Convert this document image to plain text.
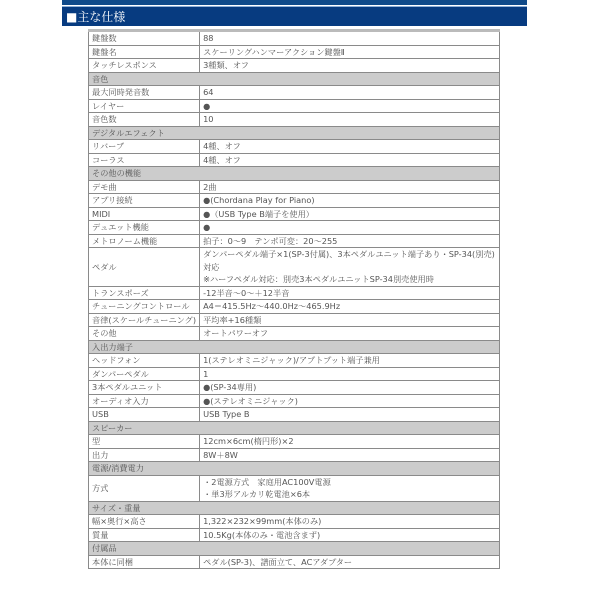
■主な仕様
鍵盤数	88
鍵盤名	スケーリングハンマーアクション鍵盤Ⅱ
タッチレスポンス	3種類、オフ
音色	
最大同時発音数	64
レイヤー	●
音色数	10
デジタルエフェクト	
リバーブ	4種、オフ
コーラス	4種、オフ
その他の機能	
デモ曲	2曲
アプリ接続	●(Chordana Play for Piano)
MIDI	●（USB Type B端子を使用）
デュエット機能	●
メトロノーム機能	拍子：0〜9　テンポ可変：20〜255
ペダル	ダンパーペダル端子×1(SP-3付属)、3本ペダルユニット端子あり・SP-34(別売)対応
※ハーフペダル対応：別売3本ペダルユニットSP-34別売使用時

トランスポーズ	-12半音〜0〜＋12半音
チューニングコントロール	A4＝415.5Hz〜440.0Hz〜465.9Hz
音律(スケールチューニング)	平均率+16種類
その他	オートパワーオフ
入出力端子	
ヘッドフォン	1(ステレオミニジャック)/アプトプット端子兼用
ダンパーペダル	1
3本ペダルユニット	●(SP-34専用)
オーディオ入力	●(ステレオミニジャック)
USB	USB Type B
スピーカー	
型	12cm×6cm(楕円形)×2
出力	8W＋8W
電源/消費電力	
方式	・2電源方式　家庭用AC100V電源
・単3形アルカリ乾電池×6本

サイズ・重量	
幅×奥行×高さ	1,322×232×99mm(本体のみ)
質量	10.5Kg(本体のみ・電池含まず)
付属品	
本体に同梱	ペダル(SP-3)、譜面立て、ACアダプター
